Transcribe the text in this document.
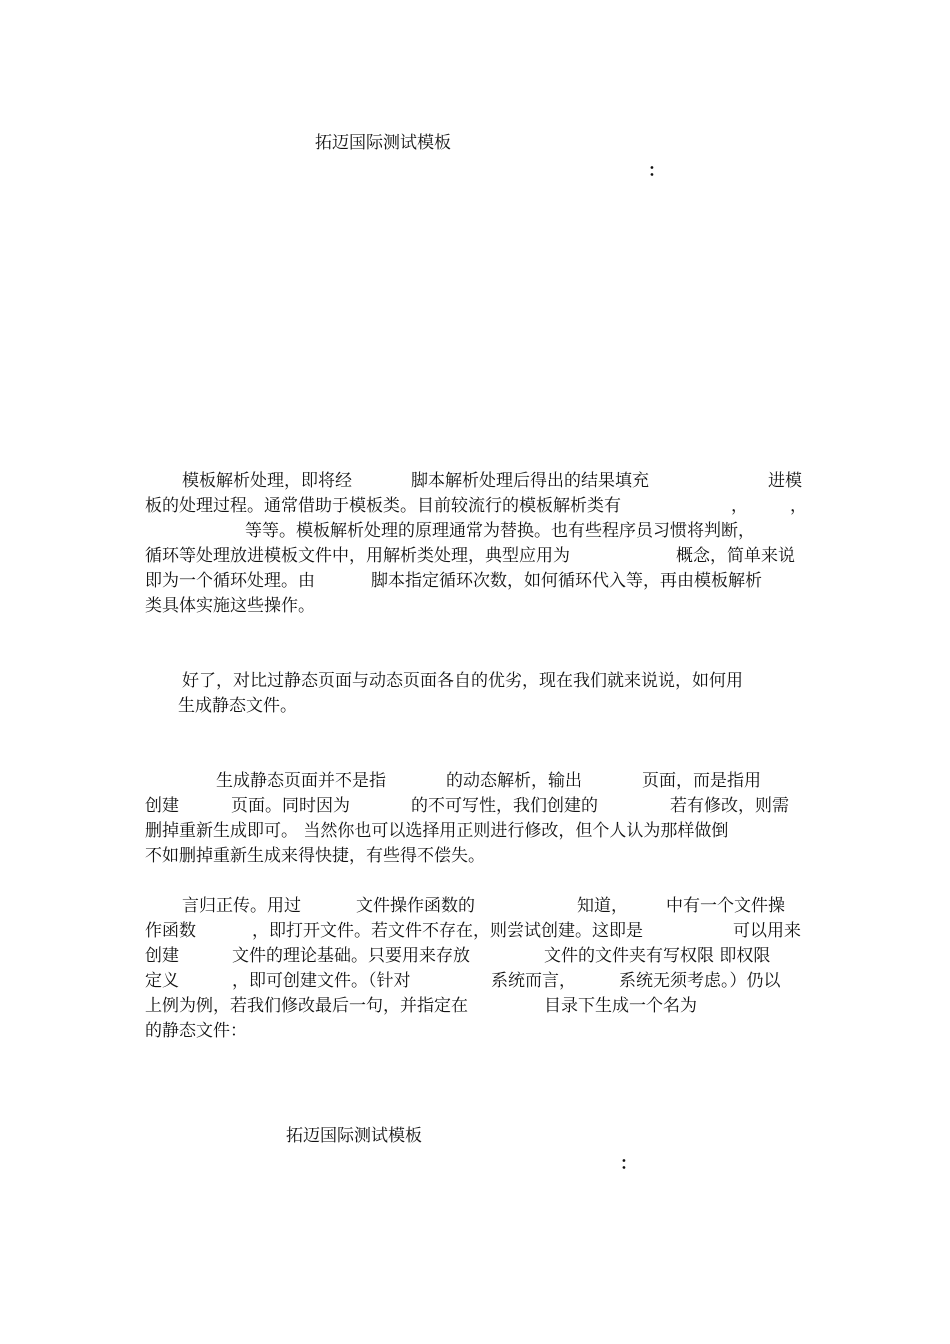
拓迈国际测试模板
：
模板解析处理，即将经	脚本解析处理后得出的结果填充	进模
板的处理过程。通常借助于模板类。目前较流行的模板解析类有	， ，
等等。模板解析处理的原理通常为替换。也有些程序员习惯将判断，
循环等处理放进模板文件中，用解析类处理，典型应用为	概念，简单来说
即为一个循环处理。由	脚本指定循环次数，如何循环代入等，再由模板解析
类具体实施这些操作。
好了，对比过静态页面与动态页面各自的优劣，现在我们就来说说，如何用
生成静态文件。
生成静态页面并不是指	的动态解析，输出	页面，而是指用
创建	页面。同时因为	的不可写性，我们创建的	若有修改，则需
删掉重新生成即可。 当然你也可以选择用正则进行修改，但个人认为那样做倒
不如删掉重新生成来得快捷，有些得不偿失。
言归正传。用过	文件操作函数的	知道， 中有一个文件操
作函数	，即打开文件。若文件不存在，则尝试创建。这即是	可以用来
创建	文件的理论基础。只要用来存放	文件的文件夹有写权限 即权限
定义	，即可创建文件。（针对	系统而言，	系统无须考虑。）仍以
上例为例，若我们修改最后一句，并指定在	目录下生成一个名为
的静态文件：
拓迈国际测试模板
：
